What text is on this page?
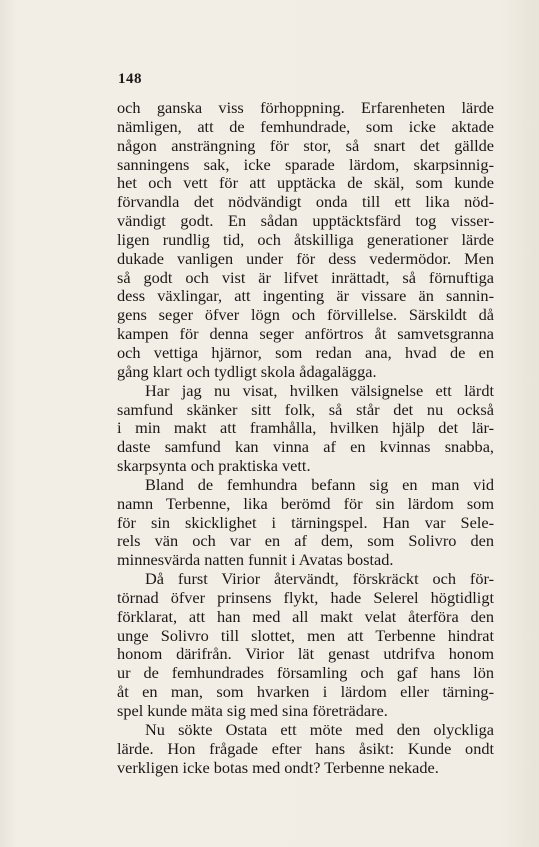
148
och ganska viss förhoppning. Erfarenheten lärde
nämligen, att de femhundrade, som icke aktade
någon ansträngning för stor, så snart det gällde
sanningens sak, icke sparade lärdom, skarpsinnig-
het och vett för att upptäcka de skäl, som kunde
förvandla det nödvändigt onda till ett lika nöd-
vändigt godt. En sådan upptäcktsfärd tog visser-
ligen rundlig tid, och åtskilliga generationer lärde
dukade vanligen under för dess vedermödor. Men
så godt och vist är lifvet inrättadt, så förnuftiga
dess växlingar, att ingenting är vissare än sannin-
gens seger öfver lögn och förvillelse. Särskildt då
kampen för denna seger anförtros åt samvetsgranna
och vettiga hjärnor, som redan ana, hvad de en
gång klart och tydligt skola ådagalägga.
Har jag nu visat, hvilken välsignelse ett lärdt
samfund skänker sitt folk, så står det nu också
i min makt att framhålla, hvilken hjälp det lär-
daste samfund kan vinna af en kvinnas snabba,
skarpsynta och praktiska vett.
Bland de femhundra befann sig en man vid
namn Terbenne, lika berömd för sin lärdom som
för sin skicklighet i tärningspel. Han var Sele-
rels vän och var en af dem, som Solivro den
minnesvärda natten funnit i Avatas bostad.
Då furst Virior återvändt, förskräckt och för-
törnad öfver prinsens flykt, hade Selerel högtidligt
förklarat, att han med all makt velat återföra den
unge Solivro till slottet, men att Terbenne hindrat
honom därifrån. Virior lät genast utdrifva honom
ur de femhundrades församling och gaf hans lön
åt en man, som hvarken i lärdom eller tärning-
spel kunde mäta sig med sina företrädare.
Nu sökte Ostata ett möte med den olyckliga
lärde. Hon frågade efter hans åsikt: Kunde ondt
verkligen icke botas med ondt? Terbenne nekade.
